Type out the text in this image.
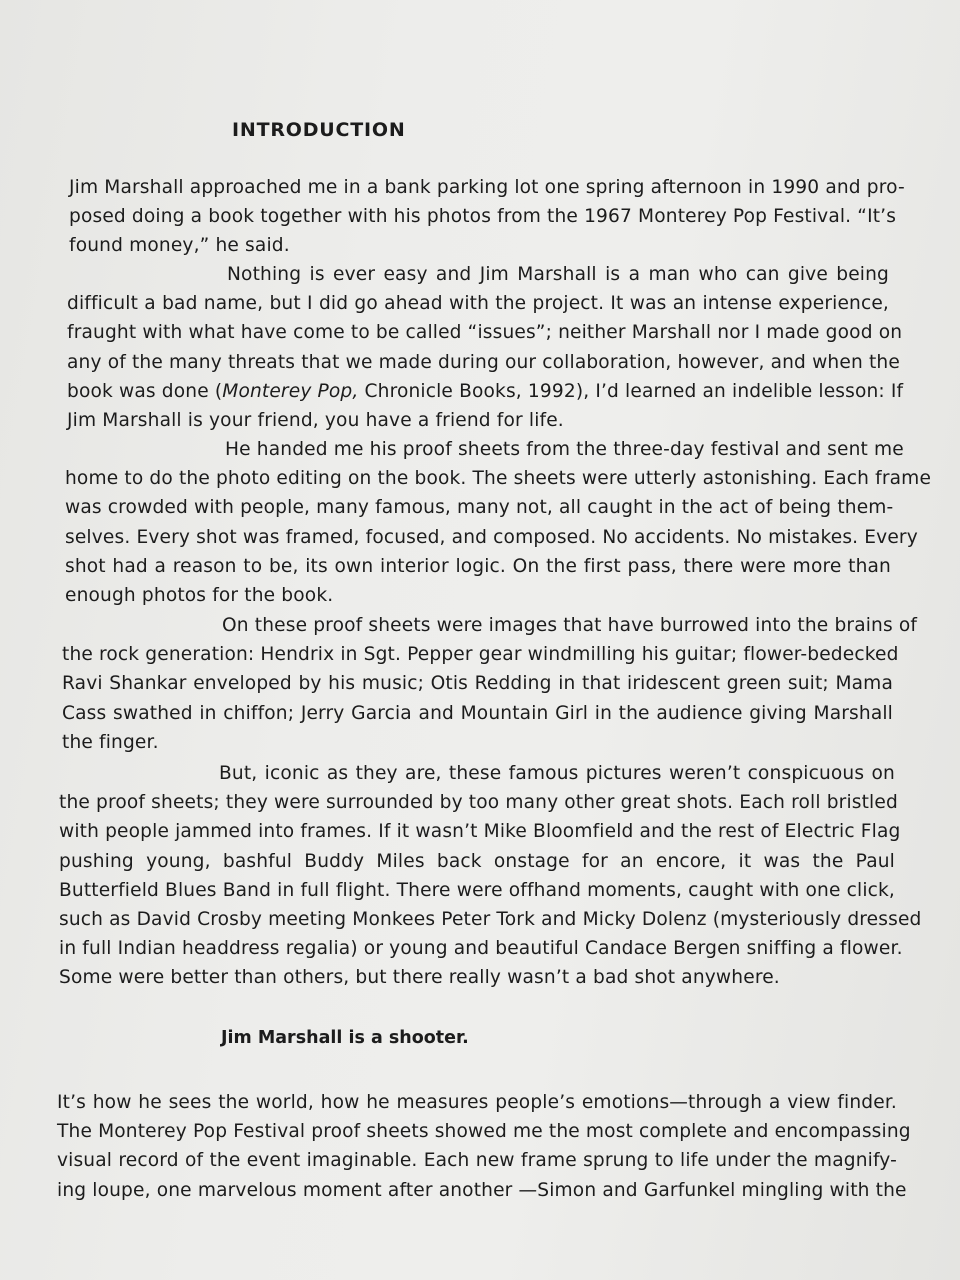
INTRODUCTION
Jim Marshall approached me in a bank parking lot one spring afternoon in 1990 and pro-
posed doing a book together with his photos from the 1967 Monterey Pop Festival. “It’s
found money,” he said.
Nothing is ever easy and Jim Marshall is a man who can give being
difficult a bad name, but I did go ahead with the project. It was an intense experience,
fraught with what have come to be called “issues”; neither Marshall nor I made good on
any of the many threats that we made during our collaboration, however, and when the
book was done (Monterey Pop, Chronicle Books, 1992), I’d learned an indelible lesson: If
Jim Marshall is your friend, you have a friend for life.
He handed me his proof sheets from the three-day festival and sent me
home to do the photo editing on the book. The sheets were utterly astonishing. Each frame
was crowded with people, many famous, many not, all caught in the act of being them-
selves. Every shot was framed, focused, and composed. No accidents. No mistakes. Every
shot had a reason to be, its own interior logic. On the first pass, there were more than
enough photos for the book.
On these proof sheets were images that have burrowed into the brains of
the rock generation: Hendrix in Sgt. Pepper gear windmilling his guitar; flower-bedecked
Ravi Shankar enveloped by his music; Otis Redding in that iridescent green suit; Mama
Cass swathed in chiffon; Jerry Garcia and Mountain Girl in the audience giving Marshall
the finger.
But, iconic as they are, these famous pictures weren’t conspicuous on
the proof sheets; they were surrounded by too many other great shots. Each roll bristled
with people jammed into frames. If it wasn’t Mike Bloomfield and the rest of Electric Flag
pushing young, bashful Buddy Miles back onstage for an encore, it was the Paul
Butterfield Blues Band in full flight. There were offhand moments, caught with one click,
such as David Crosby meeting Monkees Peter Tork and Micky Dolenz (mysteriously dressed
in full Indian headdress regalia) or young and beautiful Candace Bergen sniffing a flower.
Some were better than others, but there really wasn’t a bad shot anywhere.
Jim Marshall is a shooter.
It’s how he sees the world, how he measures people’s emotions—through a view finder.
The Monterey Pop Festival proof sheets showed me the most complete and encompassing
visual record of the event imaginable. Each new frame sprung to life under the magnify-
ing loupe, one marvelous moment after another —Simon and Garfunkel mingling with the
